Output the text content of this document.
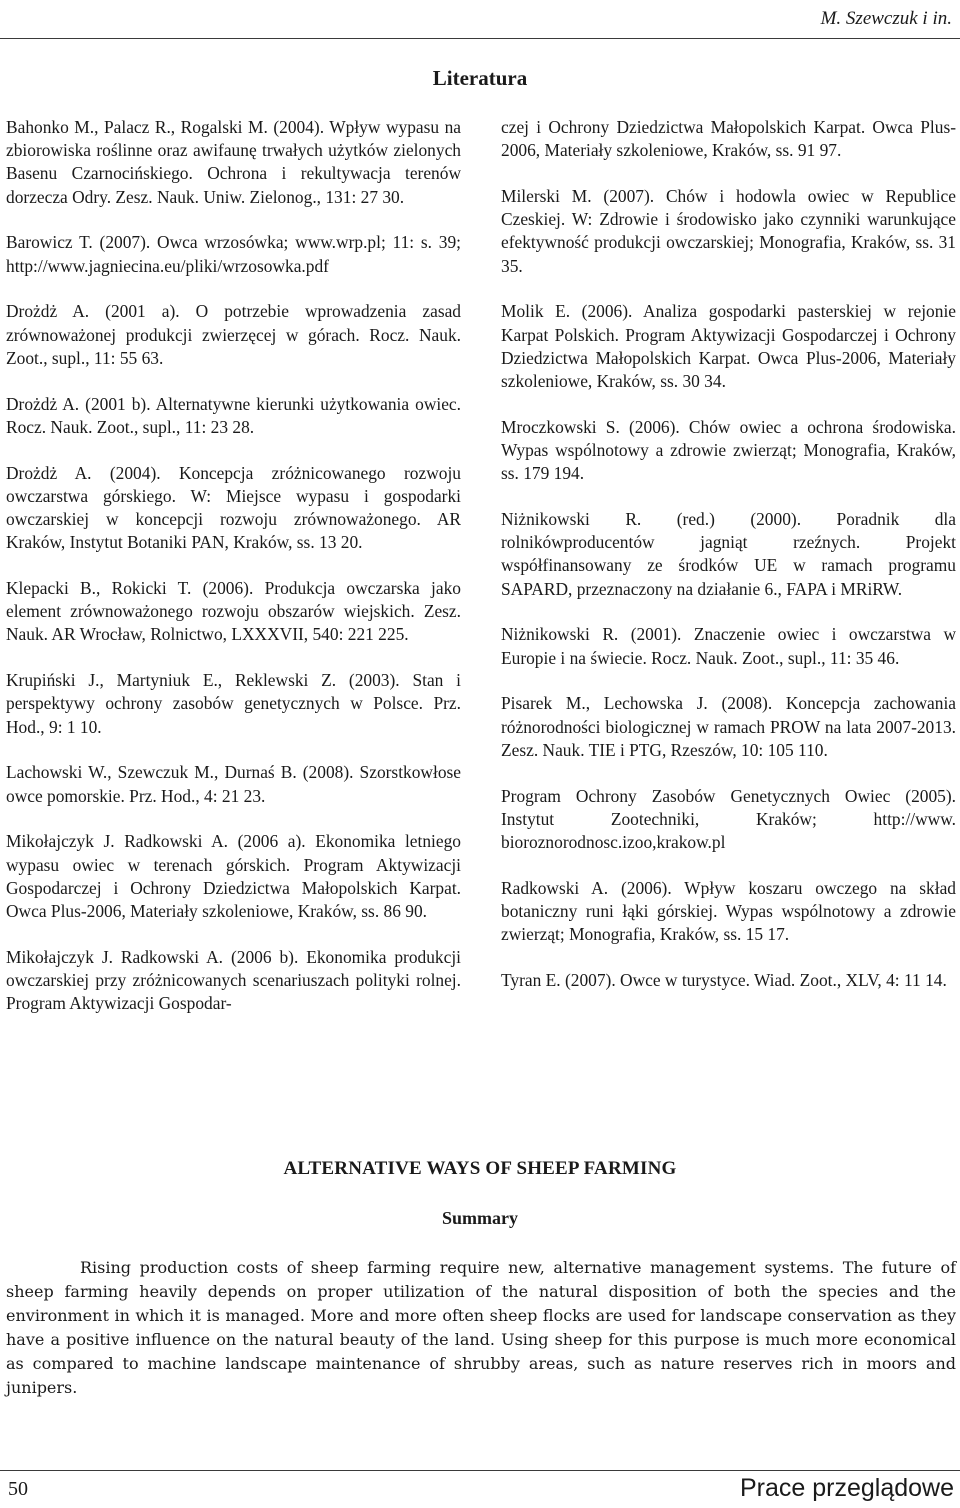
M. Szewczuk i in.
Literatura

Bahonko M., Palacz R., Rogalski M. (2004). Wpływ wypasu na zbiorowiska roślinne oraz awifaunę trwałych użytków zielonych Basenu Czarnocińskiego. Ochrona i rekultywacja terenów dorzecza Odry. Zesz. Nauk. Uniw. Zielonog., 131: 27 30.

Barowicz T. (2007). Owca wrzosówka; www.wrp.pl; 11: s. 39; http://www.jagniecina.eu/pliki/wrzosowka.pdf

Drożdż A. (2001 a). O potrzebie wprowadzenia zasad zrównoważonej produkcji zwierzęcej w górach. Rocz. Nauk. Zoot., supl., 11: 55 63.

Drożdż A. (2001 b). Alternatywne kierunki użytkowania owiec. Rocz. Nauk. Zoot., supl., 11: 23 28.

Drożdż A. (2004). Koncepcja zróżnicowanego rozwoju owczarstwa górskiego. W: Miejsce wypasu i gospodarki owczarskiej w koncepcji rozwoju zrównoważonego. AR Kraków, Instytut Botaniki PAN, Kraków, ss. 13 20.

Klepacki B., Rokicki T. (2006). Produkcja owczarska jako element zrównoważonego rozwoju obszarów wiejskich. Zesz. Nauk. AR Wrocław, Rolnictwo, LXXXVII, 540: 221 225.

Krupiński J., Martyniuk E., Reklewski Z. (2003). Stan i perspektywy ochrony zasobów genetycznych w Polsce. Prz. Hod., 9: 1 10.

Lachowski W., Szewczuk M., Durnaś B. (2008). Szorstkowłose owce pomorskie. Prz. Hod., 4: 21 23.

Mikołajczyk J. Radkowski A. (2006 a). Ekonomika letniego wypasu owiec w terenach górskich. Program Aktywizacji Gospodarczej i Ochrony Dziedzictwa Małopolskich Karpat. Owca Plus-2006, Materiały szkoleniowe, Kraków, ss. 86 90.

Mikołajczyk J. Radkowski A. (2006 b). Ekonomika produkcji owczarskiej przy zróżnicowanych scenariuszach polityki rolnej. Program Aktywizacji Gospodar-

czej i Ochrony Dziedzictwa Małopolskich Karpat. Owca Plus-2006, Materiały szkoleniowe, Kraków, ss. 91 97.

Milerski M. (2007). Chów i hodowla owiec w Republice Czeskiej. W: Zdrowie i środowisko jako czynniki warunkujące efektywność produkcji owczarskiej; Monografia, Kraków, ss. 31 35.

Molik E. (2006). Analiza gospodarki pasterskiej w rejonie Karpat Polskich. Program Aktywizacji Gospodarczej i Ochrony Dziedzictwa Małopolskich Karpat. Owca Plus-2006, Materiały szkoleniowe, Kraków, ss. 30 34.

Mroczkowski S. (2006). Chów owiec a ochrona środowiska. Wypas wspólnotowy a zdrowie zwierząt; Monografia, Kraków, ss. 179 194.

Niżnikowski R. (red.) (2000). Poradnik dla rolnikówproducentów jagniąt rzeźnych. Projekt współfinansowany ze środków UE w ramach programu SAPARD, przeznaczony na działanie 6., FAPA i MRiRW.

Niżnikowski R. (2001). Znaczenie owiec i owczarstwa w Europie i na świecie. Rocz. Nauk. Zoot., supl., 11: 35 46.

Pisarek M., Lechowska J. (2008). Koncepcja zachowania różnorodności biologicznej w ramach PROW na lata 2007-2013. Zesz. Nauk. TIE i PTG, Rzeszów, 10: 105 110.

Program Ochrony Zasobów Genetycznych Owiec (2005). Instytut Zootechniki, Kraków; http://www. bioroznorodnosc.izoo,krakow.pl

Radkowski A. (2006). Wpływ koszaru owczego na skład botaniczny runi łąki górskiej. Wypas wspólnotowy a zdrowie zwierząt; Monografia, Kraków, ss. 15 17.

Tyran E. (2007). Owce w turystyce. Wiad. Zoot., XLV, 4: 11 14.

ALTERNATIVE WAYS OF SHEEP FARMING
Summary

Rising production costs of sheep farming require new, alternative management systems. The future of sheep farming heavily depends on proper utilization of the natural disposition of both the species and the environment in which it is managed. More and more often sheep flocks are used for landscape conservation as they have a positive influence on the natural beauty of the land. Using sheep for this purpose is much more economical as compared to machine landscape maintenance of shrubby areas, such as nature reserves rich in moors and junipers.

50	Prace przeglądowe
